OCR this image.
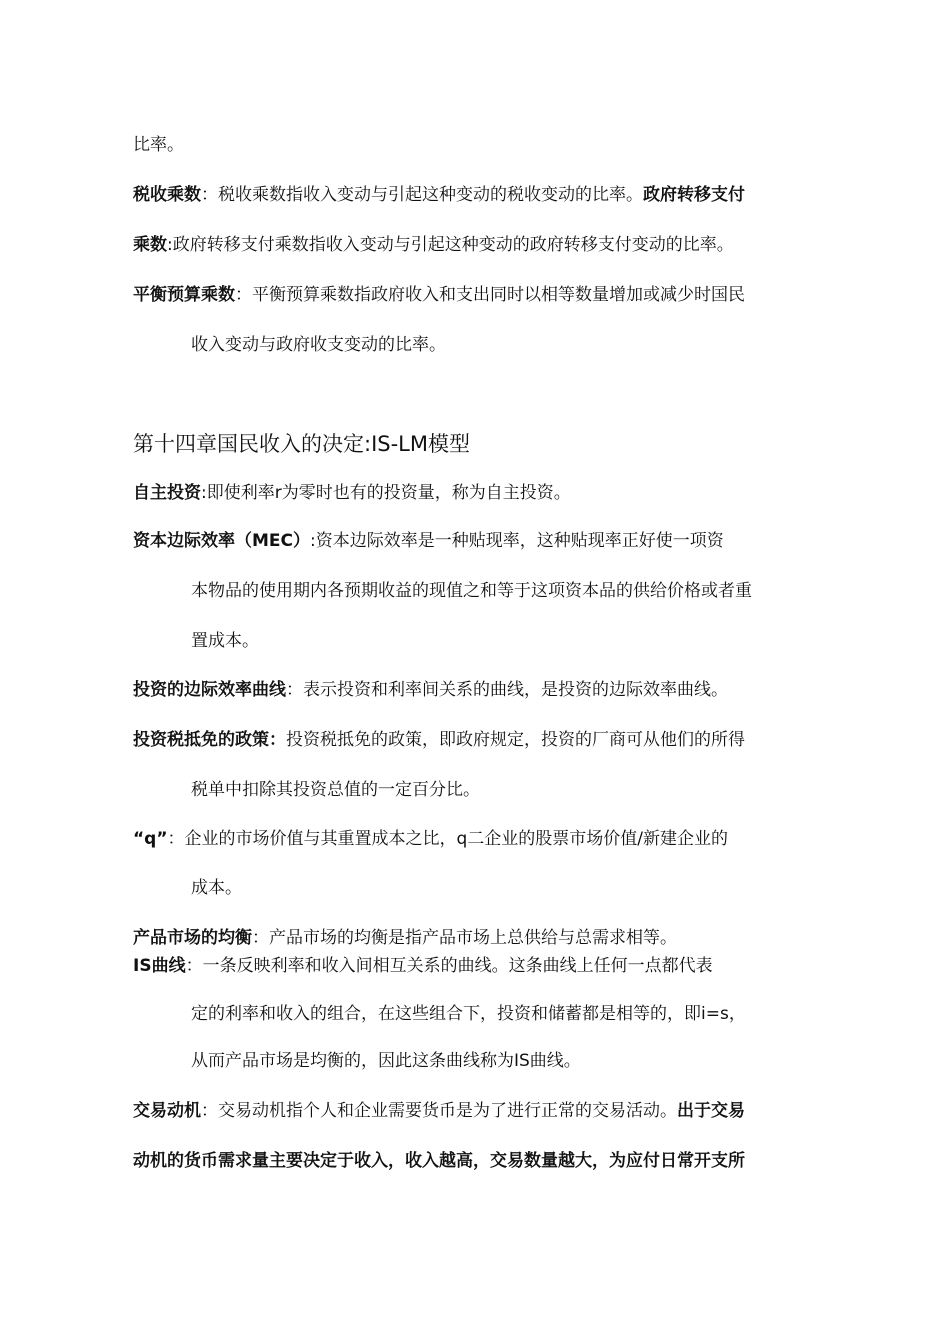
比率。
税收乘数：税收乘数指收入变动与引起这种变动的税收变动的比率。政府转移支付
乘数:政府转移支付乘数指收入变动与引起这种变动的政府转移支付变动的比率。
平衡预算乘数：平衡预算乘数指政府收入和支出同时以相等数量增加或减少时国民
收入变动与政府收支变动的比率。
第十四章国民收入的决定:IS-LM模型
自主投资:即使利率r为零时也有的投资量，称为自主投资。
资本边际效率（MEC）:资本边际效率是一种贴现率，这种贴现率正好使一项资
本物品的使用期内各预期收益的现值之和等于这项资本品的供给价格或者重
置成本。
投资的边际效率曲线：表示投资和利率间关系的曲线，是投资的边际效率曲线。
投资税抵免的政策：投资税抵免的政策，即政府规定，投资的厂商可从他们的所得
税单中扣除其投资总值的一定百分比。
“q”：企业的市场价值与其重置成本之比，q二企业的股票市场价值/新建企业的
成本。
产品市场的均衡：产品市场的均衡是指产品市场上总供给与总需求相等。
IS曲线：一条反映利率和收入间相互关系的曲线。这条曲线上任何一点都代表
定的利率和收入的组合，在这些组合下，投资和储蓄都是相等的，即i=s，
从而产品市场是均衡的，因此这条曲线称为IS曲线。
交易动机：交易动机指个人和企业需要货币是为了进行正常的交易活动。出于交易
动机的货币需求量主要决定于收入，收入越高，交易数量越大，为应付日常开支所
